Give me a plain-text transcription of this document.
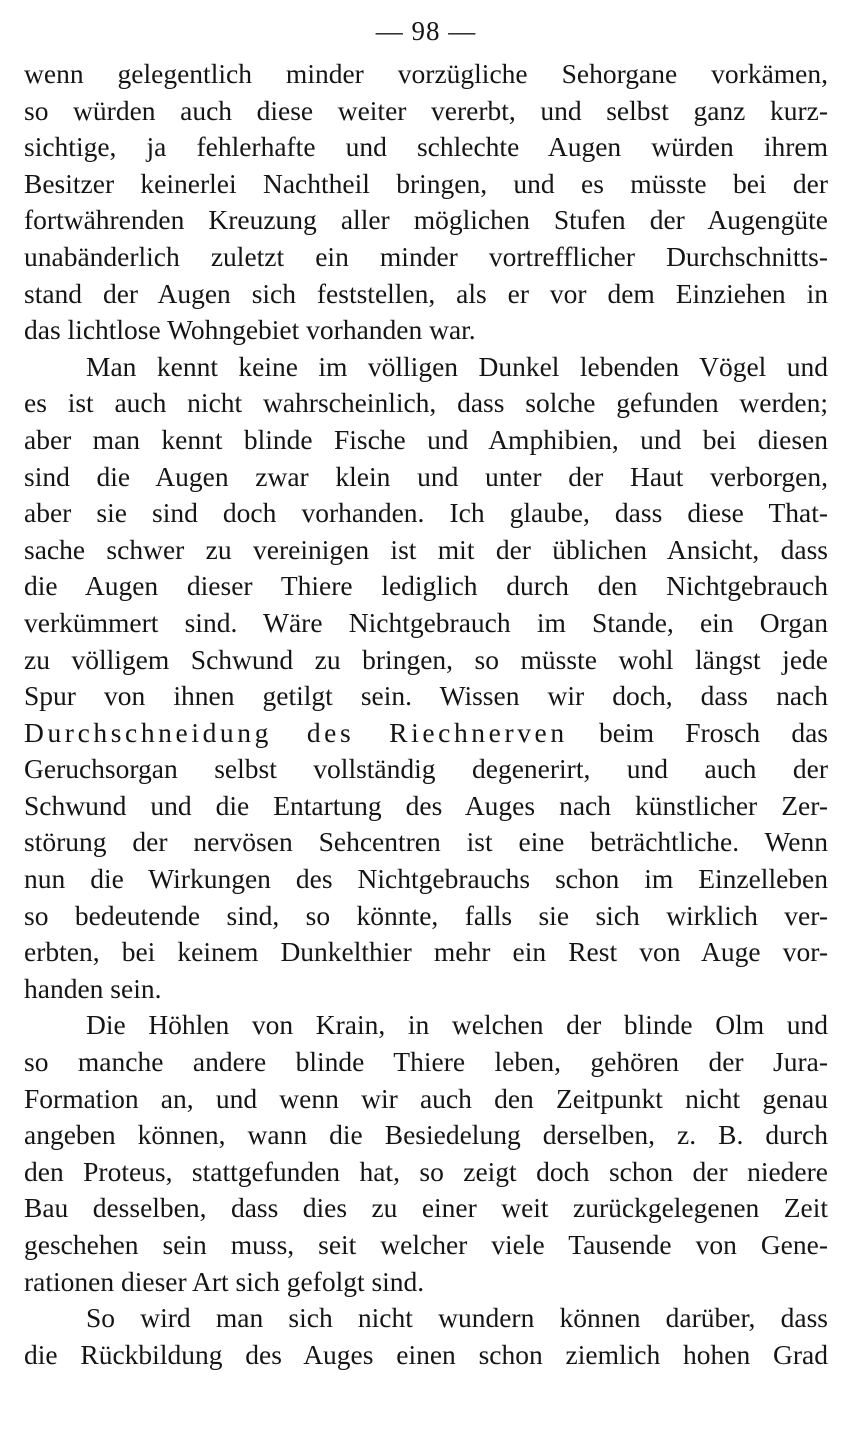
— 98 —
wenn gelegentlich minder vorzügliche Sehorgane vorkämen,
so würden auch diese weiter vererbt, und selbst ganz kurz-
sichtige, ja fehlerhafte und schlechte Augen würden ihrem
Besitzer keinerlei Nachtheil bringen, und es müsste bei der
fortwährenden Kreuzung aller möglichen Stufen der Augengüte
unabänderlich zuletzt ein minder vortrefflicher Durchschnitts-
stand der Augen sich feststellen, als er vor dem Einziehen in
das lichtlose Wohngebiet vorhanden war.
Man kennt keine im völligen Dunkel lebenden Vögel und
es ist auch nicht wahrscheinlich, dass solche gefunden werden;
aber man kennt blinde Fische und Amphibien, und bei diesen
sind die Augen zwar klein und unter der Haut verborgen,
aber sie sind doch vorhanden. Ich glaube, dass diese That-
sache schwer zu vereinigen ist mit der üblichen Ansicht, dass
die Augen dieser Thiere lediglich durch den Nichtgebrauch
verkümmert sind. Wäre Nichtgebrauch im Stande, ein Organ
zu völligem Schwund zu bringen, so müsste wohl längst jede
Spur von ihnen getilgt sein. Wissen wir doch, dass nach
Durchschneidung des Riechnerven beim Frosch das
Geruchsorgan selbst vollständig degenerirt, und auch der
Schwund und die Entartung des Auges nach künstlicher Zer-
störung der nervösen Sehcentren ist eine beträchtliche. Wenn
nun die Wirkungen des Nichtgebrauchs schon im Einzelleben
so bedeutende sind, so könnte, falls sie sich wirklich ver-
erbten, bei keinem Dunkelthier mehr ein Rest von Auge vor-
handen sein.
Die Höhlen von Krain, in welchen der blinde Olm und
so manche andere blinde Thiere leben, gehören der Jura-
Formation an, und wenn wir auch den Zeitpunkt nicht genau
angeben können, wann die Besiedelung derselben, z. B. durch
den Proteus, stattgefunden hat, so zeigt doch schon der niedere
Bau desselben, dass dies zu einer weit zurückgelegenen Zeit
geschehen sein muss, seit welcher viele Tausende von Gene-
rationen dieser Art sich gefolgt sind.
So wird man sich nicht wundern können darüber, dass
die Rückbildung des Auges einen schon ziemlich hohen Grad
